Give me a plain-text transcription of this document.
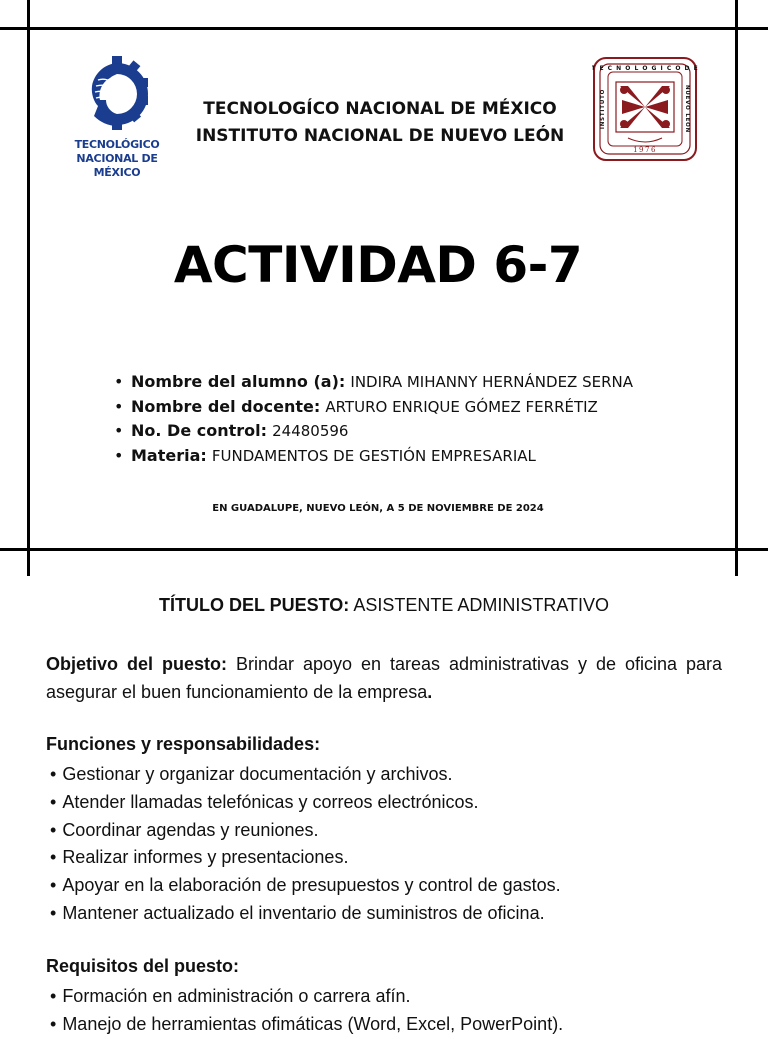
TECNOLÓGICO
NACIONAL DE MÉXICO
TECNOLOGÍCO NACIONAL DE MÉXICO
INSTITUTO NACIONAL DE NUEVO LEÓN
T E C N O L O G I C O D E
INSTITUTO	NUEVO LEON
1976
ACTIVIDAD 6-7
• Nombre del alumno (a): INDIRA MIHANNY HERNÁNDEZ SERNA
• Nombre del docente: ARTURO ENRIQUE GÓMEZ FERRÉTIZ
• No. De control: 24480596
• Materia: FUNDAMENTOS DE GESTIÓN EMPRESARIAL
EN GUADALUPE, NUEVO LEÓN, A 5 DE NOVIEMBRE DE 2024
TÍTULO DEL PUESTO: ASISTENTE ADMINISTRATIVO
Objetivo del puesto: Brindar apoyo en tareas administrativas y de oficina para asegurar el buen funcionamiento de la empresa.
Funciones y responsabilidades:
• Gestionar y organizar documentación y archivos.
• Atender llamadas telefónicas y correos electrónicos.
• Coordinar agendas y reuniones.
• Realizar informes y presentaciones.
• Apoyar en la elaboración de presupuestos y control de gastos.
• Mantener actualizado el inventario de suministros de oficina.
Requisitos del puesto:
• Formación en administración o carrera afín.
• Manejo de herramientas ofimáticas (Word, Excel, PowerPoint).
